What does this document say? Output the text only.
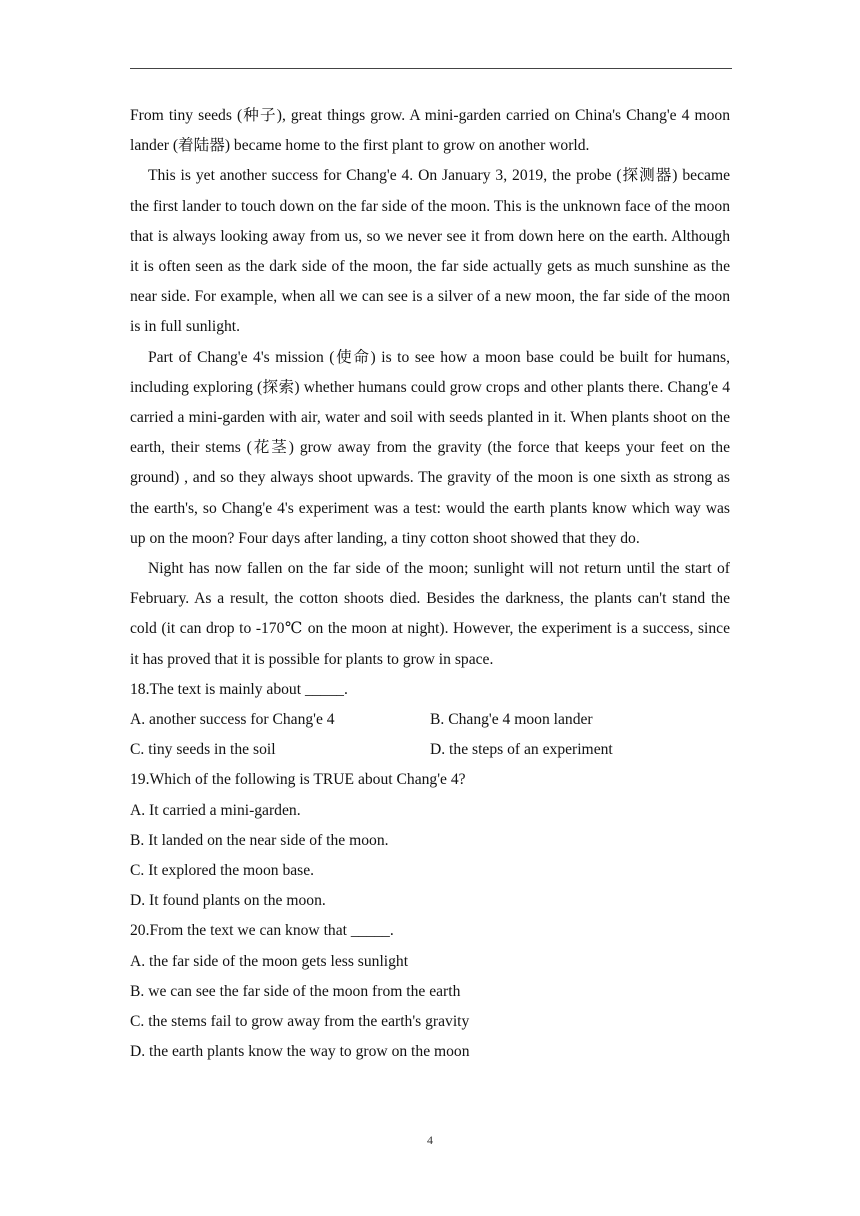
From tiny seeds (种子), great things grow. A mini-garden carried on China's Chang'e 4 moon lander (着陆器) became home to the first plant to grow on another world.

This is yet another success for Chang'e 4. On January 3, 2019, the probe (探测器) became the first lander to touch down on the far side of the moon. This is the unknown face of the moon that is always looking away from us, so we never see it from down here on the earth. Although it is often seen as the dark side of the moon, the far side actually gets as much sunshine as the near side. For example, when all we can see is a silver of a new moon, the far side of the moon is in full sunlight.

Part of Chang'e 4's mission (使命) is to see how a moon base could be built for humans, including exploring (探索) whether humans could grow crops and other plants there. Chang'e 4 carried a mini-garden with air, water and soil with seeds planted in it. When plants shoot on the earth, their stems (花茎) grow away from the gravity (the force that keeps your feet on the ground) , and so they always shoot upwards. The gravity of the moon is one sixth as strong as the earth's, so Chang'e 4's experiment was a test: would the earth plants know which way was up on the moon? Four days after landing, a tiny cotton shoot showed that they do.

Night has now fallen on the far side of the moon; sunlight will not return until the start of February. As a result, the cotton shoots died. Besides the darkness, the plants can't stand the cold (it can drop to -170℃ on the moon at night). However, the experiment is a success, since it has proved that it is possible for plants to grow in space.

18.The text is mainly about _____.
A. another success for Chang'e 4	B. Chang'e 4 moon lander
C. tiny seeds in the soil	D. the steps of an experiment
19.Which of the following is TRUE about Chang'e 4?
A. It carried a mini-garden.
B. It landed on the near side of the moon.
C. It explored the moon base.
D. It found plants on the moon.
20.From the text we can know that _____.
A. the far side of the moon gets less sunlight
B. we can see the far side of the moon from the earth
C. the stems fail to grow away from the earth's gravity
D. the earth plants know the way to grow on the moon
4
